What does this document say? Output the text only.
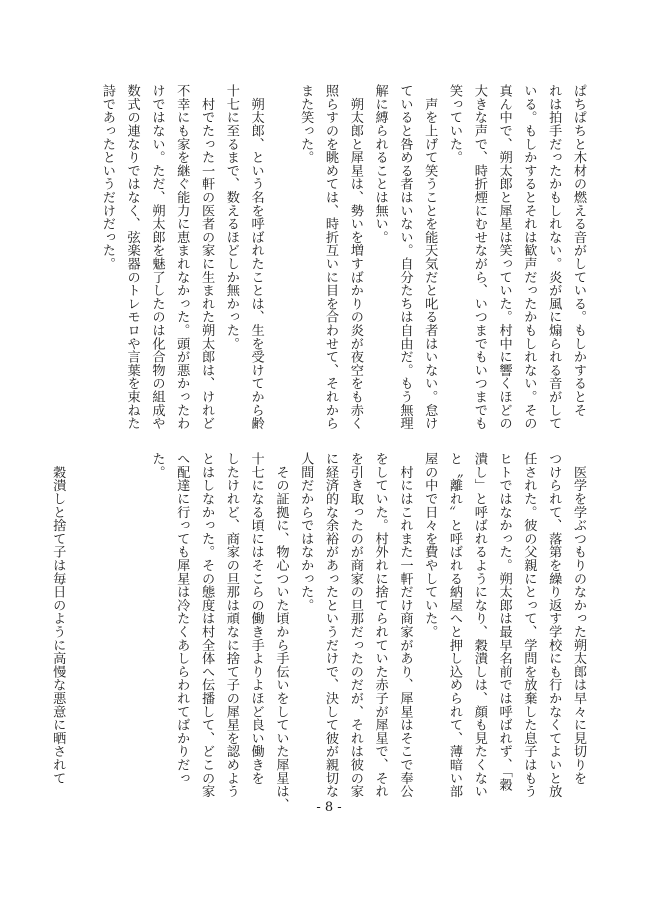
ぱちぱちと木材の燃える音がしている。もしかするとそ
れは拍手だったかもしれない。炎が風に煽られる音がして
いる。もしかするとそれは歓声だったかもしれない。その
真ん中で、朔太郎と犀星は笑っていた。村中に響くほどの
大きな声で、時折煙にむせながら、いつまでもいつまでも
笑っていた。
　声を上げて笑うことを能天気だと叱る者はいない。怠け
ていると咎める者はいない。自分たちは自由だ。もう無理
解に縛られることは無い。
　朔太郎と犀星は、勢いを増すばかりの炎が夜空をも赤く
照らすのを眺めては、時折互いに目を合わせて、それから
また笑った。

　朔太郎、という名を呼ばれたことは、生を受けてから齢
十七に至るまで、数えるほどしか無かった。
　村でたった一軒の医者の家に生まれた朔太郎は、けれど
不幸にも家を継ぐ能力に恵まれなかった。頭が悪かったわ
けではない。ただ、朔太郎を魅了したのは化合物の組成や
数式の連なりではなく、弦楽器のトレモロや言葉を束ねた
詩であったというだけだった。
　医学を学ぶつもりのなかった朔太郎は早々に見切りを
つけられて、落第を繰り返す学校にも行かなくてよいと放
任された。彼の父親にとって、学問を放棄した息子はもう
ヒトではなかった。朔太郎は最早名前では呼ばれず、「穀
潰し」と呼ばれるようになり、穀潰しは、顔も見たくない
と〝離れ〟と呼ばれる納屋へと押し込められて、薄暗い部
屋の中で日々を費やしていた。
　村にはこれまた一軒だけ商家があり、犀星はそこで奉公
をしていた。村外れに捨てられていた赤子が犀星で、それ
を引き取ったのが商家の旦那だったのだが、それは彼の家
に経済的な余裕があったというだけで、決して彼が親切な
人間だからではなかった。
　その証拠に、物心ついた頃から手伝いをしていた犀星は、
十七になる頃にはそこらの働き手よりよほど良い働きを
したけれど、商家の旦那は頑なに捨て子の犀星を認めよう
とはしなかった。その態度は村全体へ伝播して、どこの家
へ配達に行っても犀星は冷たくあしらわれてばかりだっ
た。

　穀潰しと捨て子は毎日のように高慢な悪意に晒されて
- 8 -
